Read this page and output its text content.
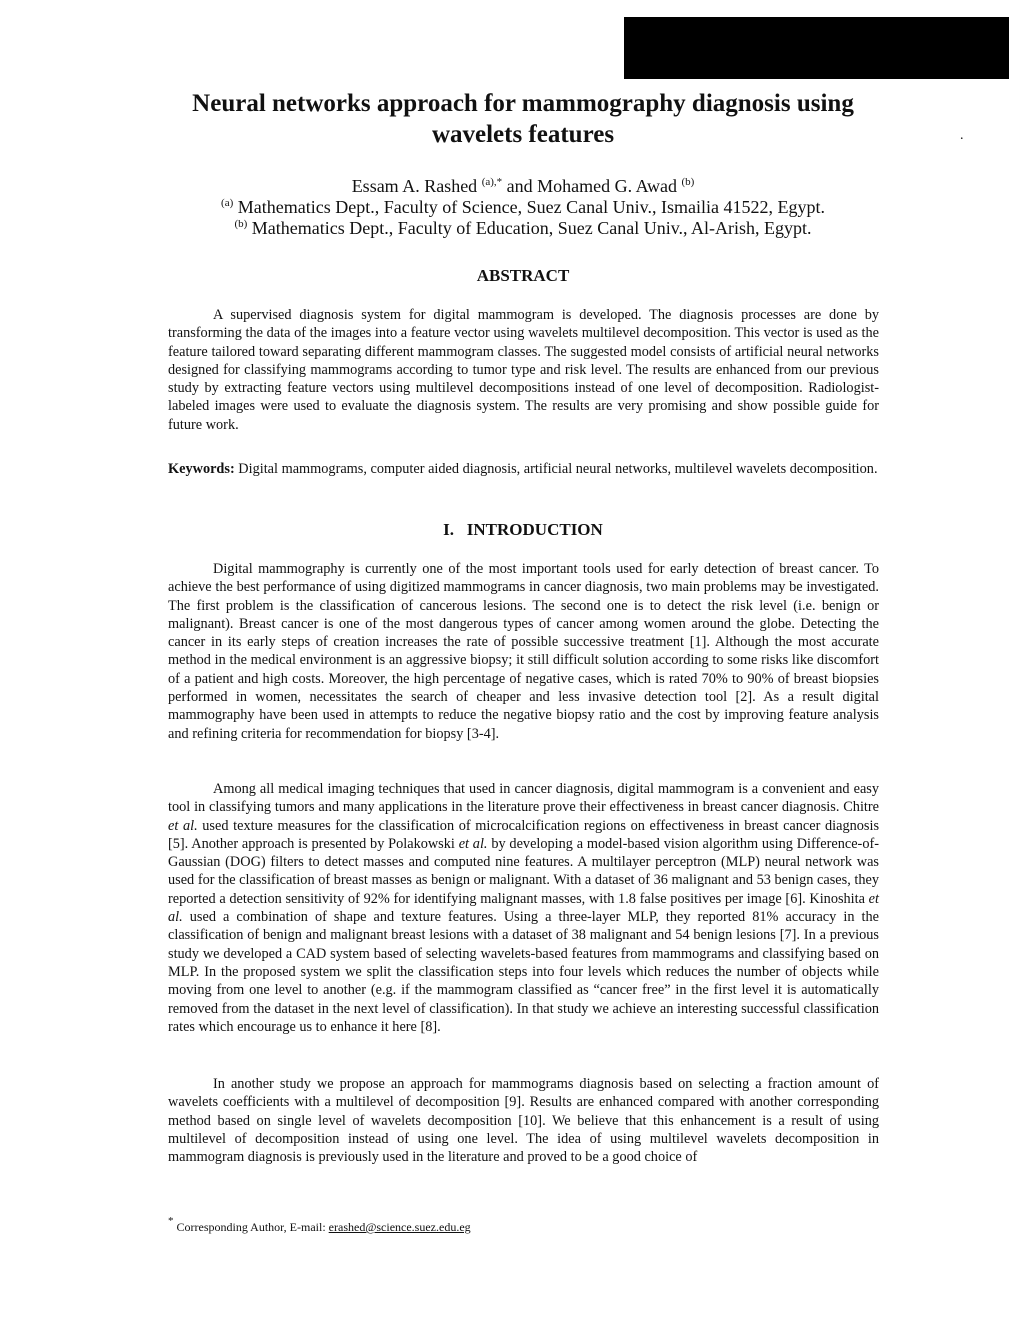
.
Neural networks approach for mammography diagnosis using
wavelets features
Essam A. Rashed $^{(a),*}$ and Mohamed G. Awad $^{(b)}$
$^{(a)}$ Mathematics Dept., Faculty of Science, Suez Canal Univ., Ismailia 41522, Egypt.
$^{(b)}$ Mathematics Dept., Faculty of Education, Suez Canal Univ., Al-Arish, Egypt.
ABSTRACT

A supervised diagnosis system for digital mammogram is developed. The diagnosis processes are done by transforming the data of the images into a feature vector using wavelets multilevel decomposition. This vector is used as the feature tailored toward separating different mammogram classes. The suggested model consists of artificial neural networks designed for classifying mammograms according to tumor type and risk level. The results are enhanced from our previous study by extracting feature vectors using multilevel decompositions instead of one level of decomposition. Radiologist-labeled images were used to evaluate the diagnosis system. The results are very promising and show possible guide for future work.

Keywords: Digital mammograms, computer aided diagnosis, artificial neural networks, multilevel wavelets decomposition.

I.   INTRODUCTION

Digital mammography is currently one of the most important tools used for early detection of breast cancer. To achieve the best performance of using digitized mammograms in cancer diagnosis, two main problems may be investigated. The first problem is the classification of cancerous lesions. The second one is to detect the risk level (i.e. benign or malignant). Breast cancer is one of the most dangerous types of cancer among women around the globe. Detecting the cancer in its early steps of creation increases the rate of possible successive treatment [1]. Although the most accurate method in the medical environment is an aggressive biopsy; it still difficult solution according to some risks like discomfort of a patient and high costs. Moreover, the high percentage of negative cases, which is rated 70% to 90% of breast biopsies performed in women, necessitates the search of cheaper and less invasive detection tool [2]. As a result digital mammography have been used in attempts to reduce the negative biopsy ratio and the cost by improving feature analysis and refining criteria for recommendation for biopsy [3-4].

Among all medical imaging techniques that used in cancer diagnosis, digital mammogram is a convenient and easy tool in classifying tumors and many applications in the literature prove their effectiveness in breast cancer diagnosis. Chitre et al. used texture measures for the classification of microcalcification regions on effectiveness in breast cancer diagnosis [5]. Another approach is presented by Polakowski et al. by developing a model-based vision algorithm using Difference-of-Gaussian (DOG) filters to detect masses and computed nine features. A multilayer perceptron (MLP) neural network was used for the classification of breast masses as benign or malignant. With a dataset of 36 malignant and 53 benign cases, they reported a detection sensitivity of 92% for identifying malignant masses, with 1.8 false positives per image [6]. Kinoshita et al. used a combination of shape and texture features. Using a three-layer MLP, they reported 81% accuracy in the classification of benign and malignant breast lesions with a dataset of 38 malignant and 54 benign lesions [7]. In a previous study we developed a CAD system based of selecting wavelets-based features from mammograms and classifying based on MLP. In the proposed system we split the classification steps into four levels which reduces the number of objects while moving from one level to another (e.g. if the mammogram classified as “cancer free” in the first level it is automatically removed from the dataset in the next level of classification). In that study we achieve an interesting successful classification rates which encourage us to enhance it here [8].

In another study we propose an approach for mammograms diagnosis based on selecting a fraction amount of wavelets coefficients with a multilevel of decomposition [9]. Results are enhanced compared with another corresponding method based on single level of wavelets decomposition [10]. We believe that this enhancement is a result of using multilevel of decomposition instead of using one level. The idea of using multilevel wavelets decomposition in mammogram diagnosis is previously used in the literature and proved to be a good choice of

* Corresponding Author, E-mail: erashed@science.suez.edu.eg
